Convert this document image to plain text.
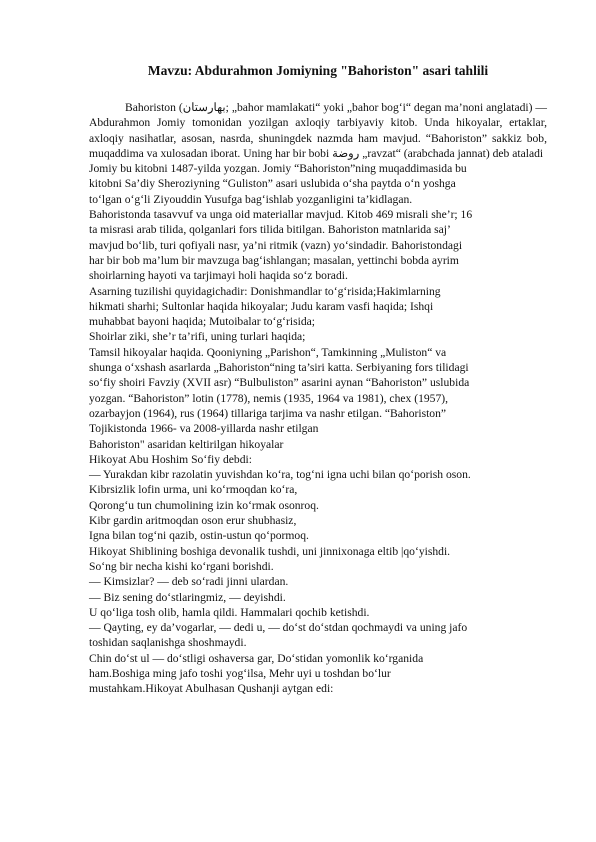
Mavzu: Abdurahmon Jomiyning "Bahoriston" asari tahlili

Bahoriston (بهارستان; „bahor mamlakati“ yoki „bahor bog‘i“ degan ma’noni anglatadi) — Abdurahmon Jomiy tomonidan yozilgan axloqiy tarbiyaviy kitob. Unda hikoyalar, ertaklar, axloqiy nasihatlar, asosan, nasrda, shuningdek nazmda ham mavjud. “Bahoriston” sakkiz bob, muqaddima va xulosadan iborat. Uning har bir bobi روضة „ravzat“ (arabchada jannat) deb ataladi

Jomiy bu kitobni 1487-yilda yozgan. Jomiy “Bahoriston”ning muqaddimasida bu

kitobni Sa’diy Sheroziyning “Guliston” asari uslubida o‘sha paytda o‘n yoshga

to‘lgan o‘g‘li Ziyouddin Yusufga bag‘ishlab yozganligini ta’kidlagan.

Bahoristonda tasavvuf va unga oid materiallar mavjud. Kitob 469 misrali she’r; 16

ta misrasi arab tilida, qolganlari fors tilida bitilgan. Bahoriston matnlarida saj’

mavjud bo‘lib, turi qofiyali nasr, ya’ni ritmik (vazn) yo‘sindadir. Bahoristondagi

har bir bob ma’lum bir mavzuga bag‘ishlangan; masalan, yettinchi bobda ayrim

shoirlarning hayoti va tarjimayi holi haqida so‘z boradi.

Asarning tuzilishi quyidagichadir: Donishmandlar to‘g‘risida;Hakimlarning

hikmati sharhi; Sultonlar haqida hikoyalar; Judu karam vasfi haqida; Ishqi

muhabbat bayoni haqida; Mutoibalar to‘g‘risida;

Shoirlar ziki, she’r ta’rifi, uning turlari haqida;

Tamsil hikoyalar haqida. Qooniyning „Parishon“, Tamkinning „Muliston“ va

shunga o‘xshash asarlarda „Bahoriston“ning ta’siri katta. Serbiyaning fors tilidagi

so‘fiy shoiri Favziy (XVII asr) “Bulbuliston” asarini aynan “Bahoriston” uslubida

yozgan. “Bahoriston” lotin (1778), nemis (1935, 1964 va 1981), chex (1957),

ozarbayjon (1964), rus (1964) tillariga tarjima va nashr etilgan. “Bahoriston”

Tojikistonda 1966- va 2008-yillarda nashr etilgan

Bahoriston" asaridan keltirilgan hikoyalar

Hikoyat Abu Hoshim So‘fiy debdi:

— Yurakdan kibr razolatin yuvishdan ko‘ra, tog‘ni igna uchi bilan qo‘porish oson.

Kibrsizlik lofin urma, uni ko‘rmoqdan ko‘ra,

Qorong‘u tun chumolining izin ko‘rmak osonroq.

Kibr gardin aritmoqdan oson erur shubhasiz,

Igna bilan tog‘ni qazib, ostin-ustun qo‘pormoq.

Hikoyat Shiblining boshiga devonalik tushdi, uni jinnixonaga eltib |qo‘yishdi.

So‘ng bir necha kishi ko‘rgani borishdi.

— Kimsizlar? — deb so‘radi jinni ulardan.

— Biz sening do‘stlaringmiz, — deyishdi.

U qo‘liga tosh olib, hamla qildi. Hammalari qochib ketishdi.

— Qayting, ey da’vogarlar, — dedi u, — do‘st do‘stdan qochmaydi va uning jafo

toshidan saqlanishga shoshmaydi.

Chin do‘st ul — do‘stligi oshaversa gar, Do‘stidan yomonlik ko‘rganida

ham.Boshiga ming jafo toshi yog‘ilsa, Mehr uyi u toshdan bo‘lur

mustahkam.Hikoyat Abulhasan Qushanji aytgan edi:
